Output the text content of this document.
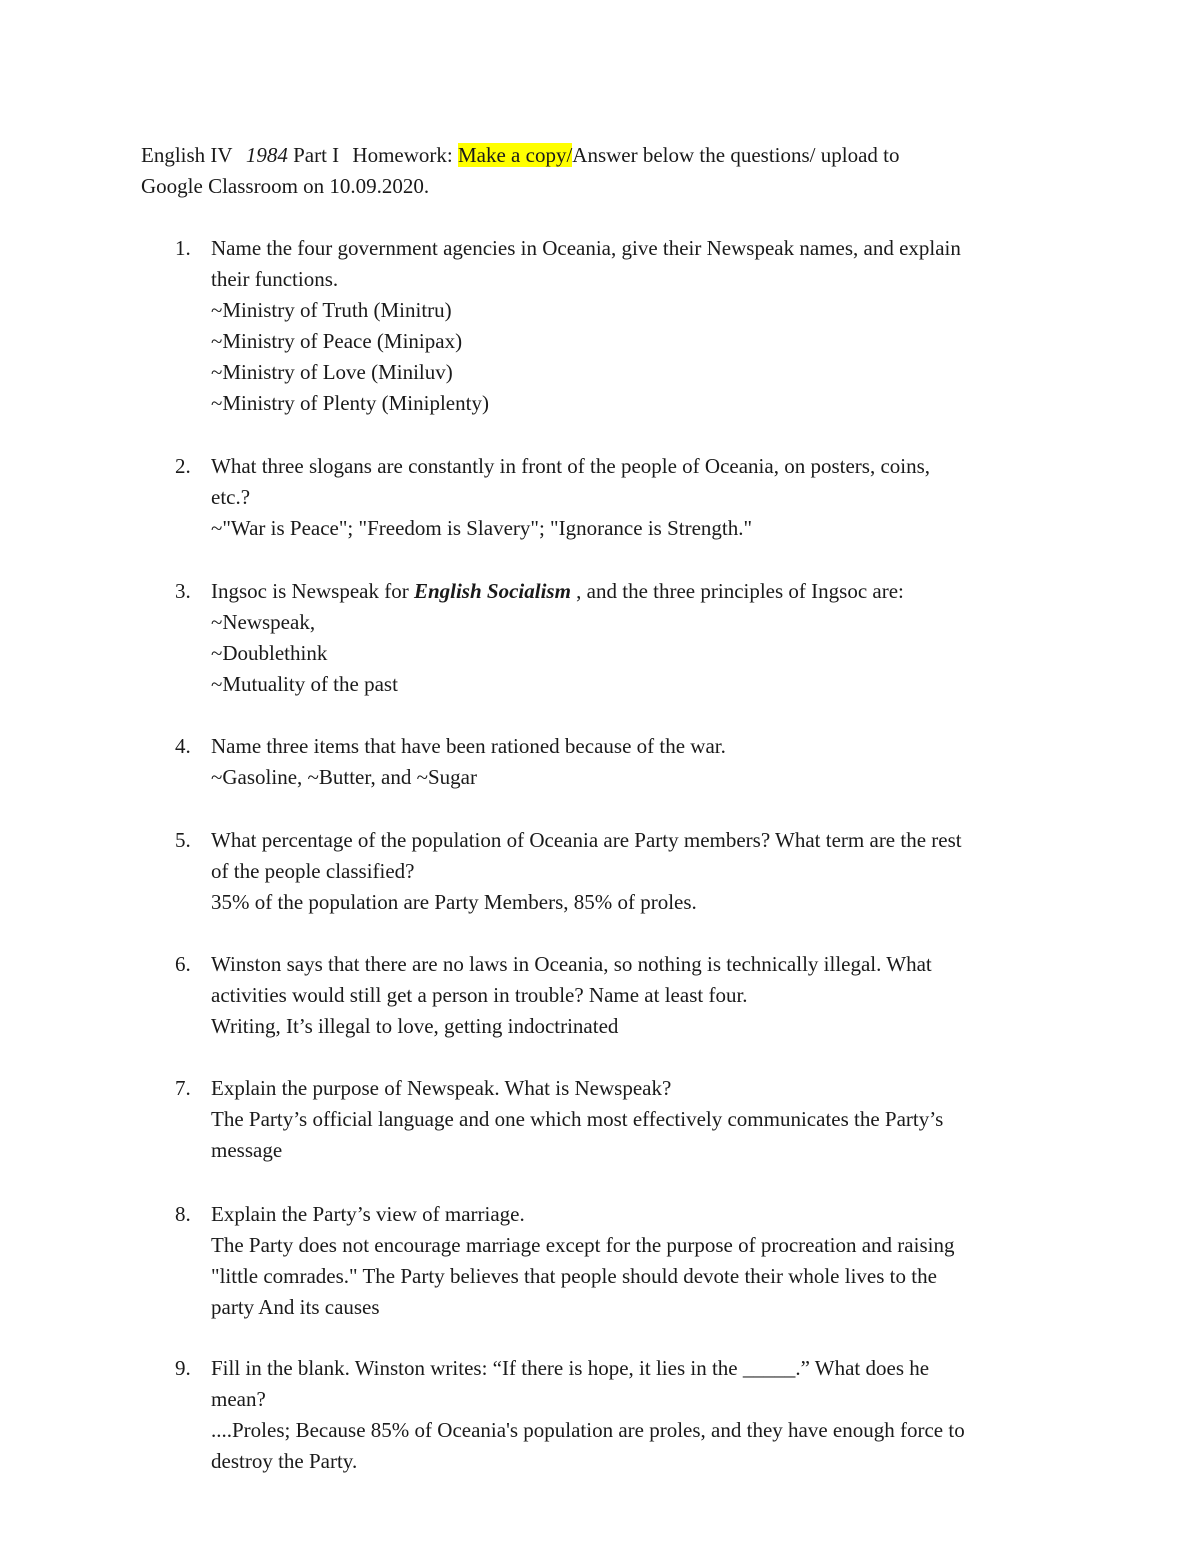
English IV 1984 Part I Homework: Make a copy/Answer below the questions/ upload to
Google Classroom on 10.09.2020.
1. Name the four government agencies in Oceania, give their Newspeak names, and explain
their functions.
~Ministry of Truth (Minitru)
~Ministry of Peace (Minipax)
~Ministry of Love (Miniluv)
~Ministry of Plenty (Miniplenty)
2. What three slogans are constantly in front of the people of Oceania, on posters, coins,
etc.?
~"War is Peace"; "Freedom is Slavery"; "Ignorance is Strength."
3. Ingsoc is Newspeak for English Socialism , and the three principles of Ingsoc are:
~Newspeak,
~Doublethink
~Mutuality of the past
4. Name three items that have been rationed because of the war.
~Gasoline, ~Butter, and ~Sugar
5. What percentage of the population of Oceania are Party members? What term are the rest
of the people classified?
35% of the population are Party Members, 85% of proles.
6. Winston says that there are no laws in Oceania, so nothing is technically illegal. What
activities would still get a person in trouble? Name at least four.
Writing, It’s illegal to love, getting indoctrinated
7. Explain the purpose of Newspeak. What is Newspeak?
The Party’s official language and one which most effectively communicates the Party’s
message
8. Explain the Party’s view of marriage.
The Party does not encourage marriage except for the purpose of procreation and raising
"little comrades." The Party believes that people should devote their whole lives to the
party And its causes
9. Fill in the blank. Winston writes: “If there is hope, it lies in the _____.” What does he
mean?
....Proles; Because 85% of Oceania's population are proles, and they have enough force to
destroy the Party.
